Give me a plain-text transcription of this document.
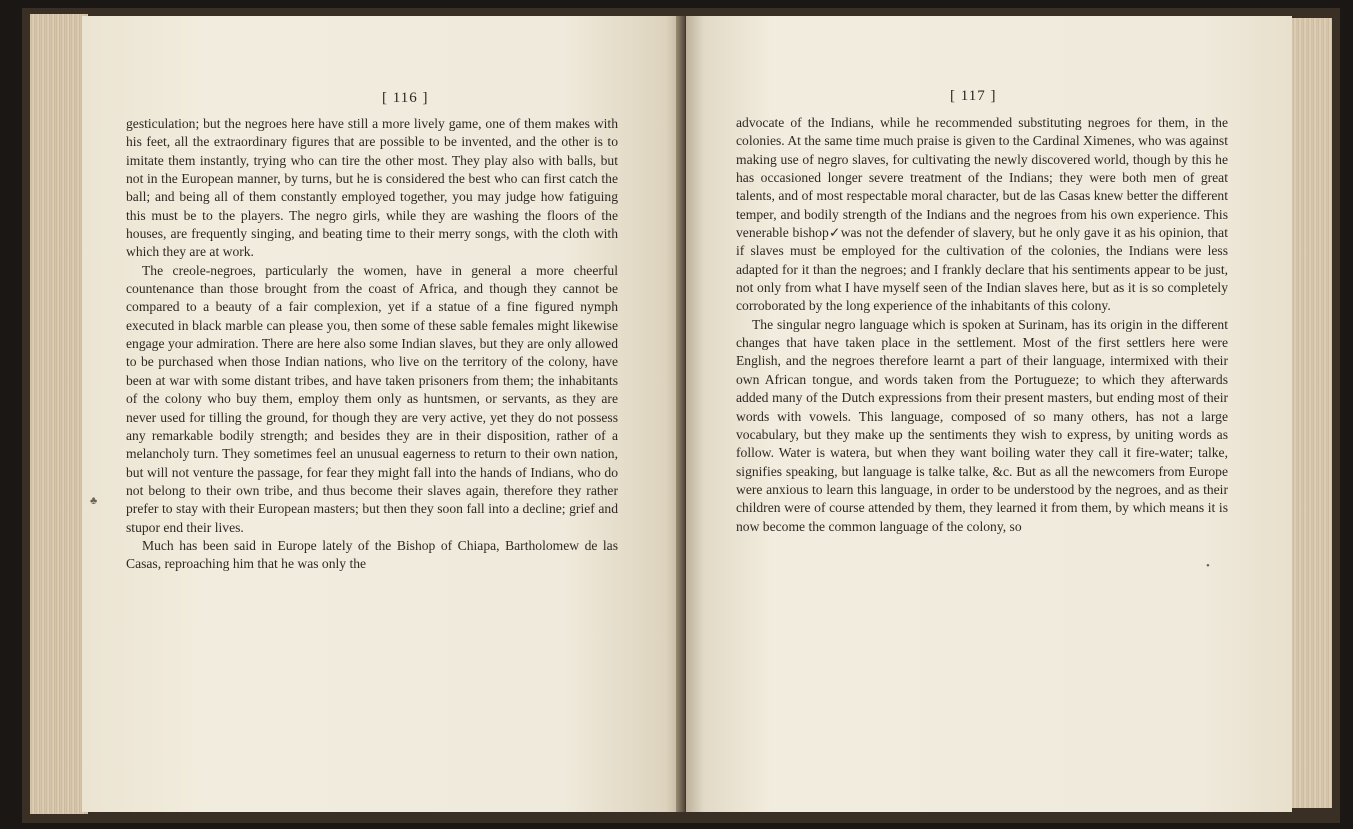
[ 116 ]

gesticulation; but the negroes here have still a more lively game, one of them makes with his feet, all the extraordinary figures that are possible to be invented, and the other is to imitate them instantly, trying who can tire the other most. They play also with balls, but not in the European manner, by turns, but he is considered the best who can first catch the ball; and being all of them constantly employed together, you may judge how fatiguing this must be to the players. The negro girls, while they are washing the floors of the houses, are frequently singing, and beating time to their merry songs, with the cloth with which they are at work.

The creole-negroes, particularly the women, have in general a more cheerful countenance than those brought from the coast of Africa, and though they cannot be compared to a beauty of a fair complexion, yet if a statue of a fine figured nymph executed in black marble can please you, then some of these sable females might likewise engage your admiration. There are here also some Indian slaves, but they are only allowed to be purchased when those Indian nations, who live on the territory of the colony, have been at war with some distant tribes, and have taken prisoners from them; the inhabitants of the colony who buy them, employ them only as huntsmen, or servants, as they are never used for tilling the ground, for though they are very active, yet they do not possess any remarkable bodily strength; and besides they are in their disposition, rather of a melancholy turn. They sometimes feel an unusual eagerness to return to their own nation, but will not venture the passage, for fear they might fall into the hands of Indians, who do not belong to their own tribe, and thus become their slaves again, therefore they rather prefer to stay with their European masters; but then they soon fall into a decline; grief and stupor end their lives.

Much has been said in Europe lately of the Bishop of Chiapa, Bartholomew de las Casas, reproaching him that he was only the

♣
[ 117 ]

advocate of the Indians, while he recommended substituting negroes for them, in the colonies. At the same time much praise is given to the Cardinal Ximenes, who was against making use of negro slaves, for cultivating the newly discovered world, though by this he has occasioned longer severe treatment of the Indians; they were both men of great talents, and of most respectable moral character, but de las Casas knew better the different temper, and bodily strength of the Indians and the negroes from his own experience. This venerable bishop✓was not the defender of slavery, but he only gave it as his opinion, that if slaves must be employed for the cultivation of the colonies, the Indians were less adapted for it than the negroes; and I frankly declare that his sentiments appear to be just, not only from what I have myself seen of the Indian slaves here, but as it is so completely corroborated by the long experience of the inhabitants of this colony.

The singular negro language which is spoken at Surinam, has its origin in the different changes that have taken place in the settlement. Most of the first settlers here were English, and the negroes therefore learnt a part of their language, intermixed with their own African tongue, and words taken from the Portugueze; to which they afterwards added many of the Dutch expressions from their present masters, but ending most of their words with vowels. This language, composed of so many others, has not a large vocabulary, but they make up the sentiments they wish to express, by uniting words as follow. Water is watera, but when they want boiling water they call it fire-water; talke, signifies speaking, but language is talke talke, &c. But as all the newcomers from Europe were anxious to learn this language, in order to be understood by the negroes, and as their children were of course attended by them, they learned it from them, by which means it is now become the common language of the colony, so

•
